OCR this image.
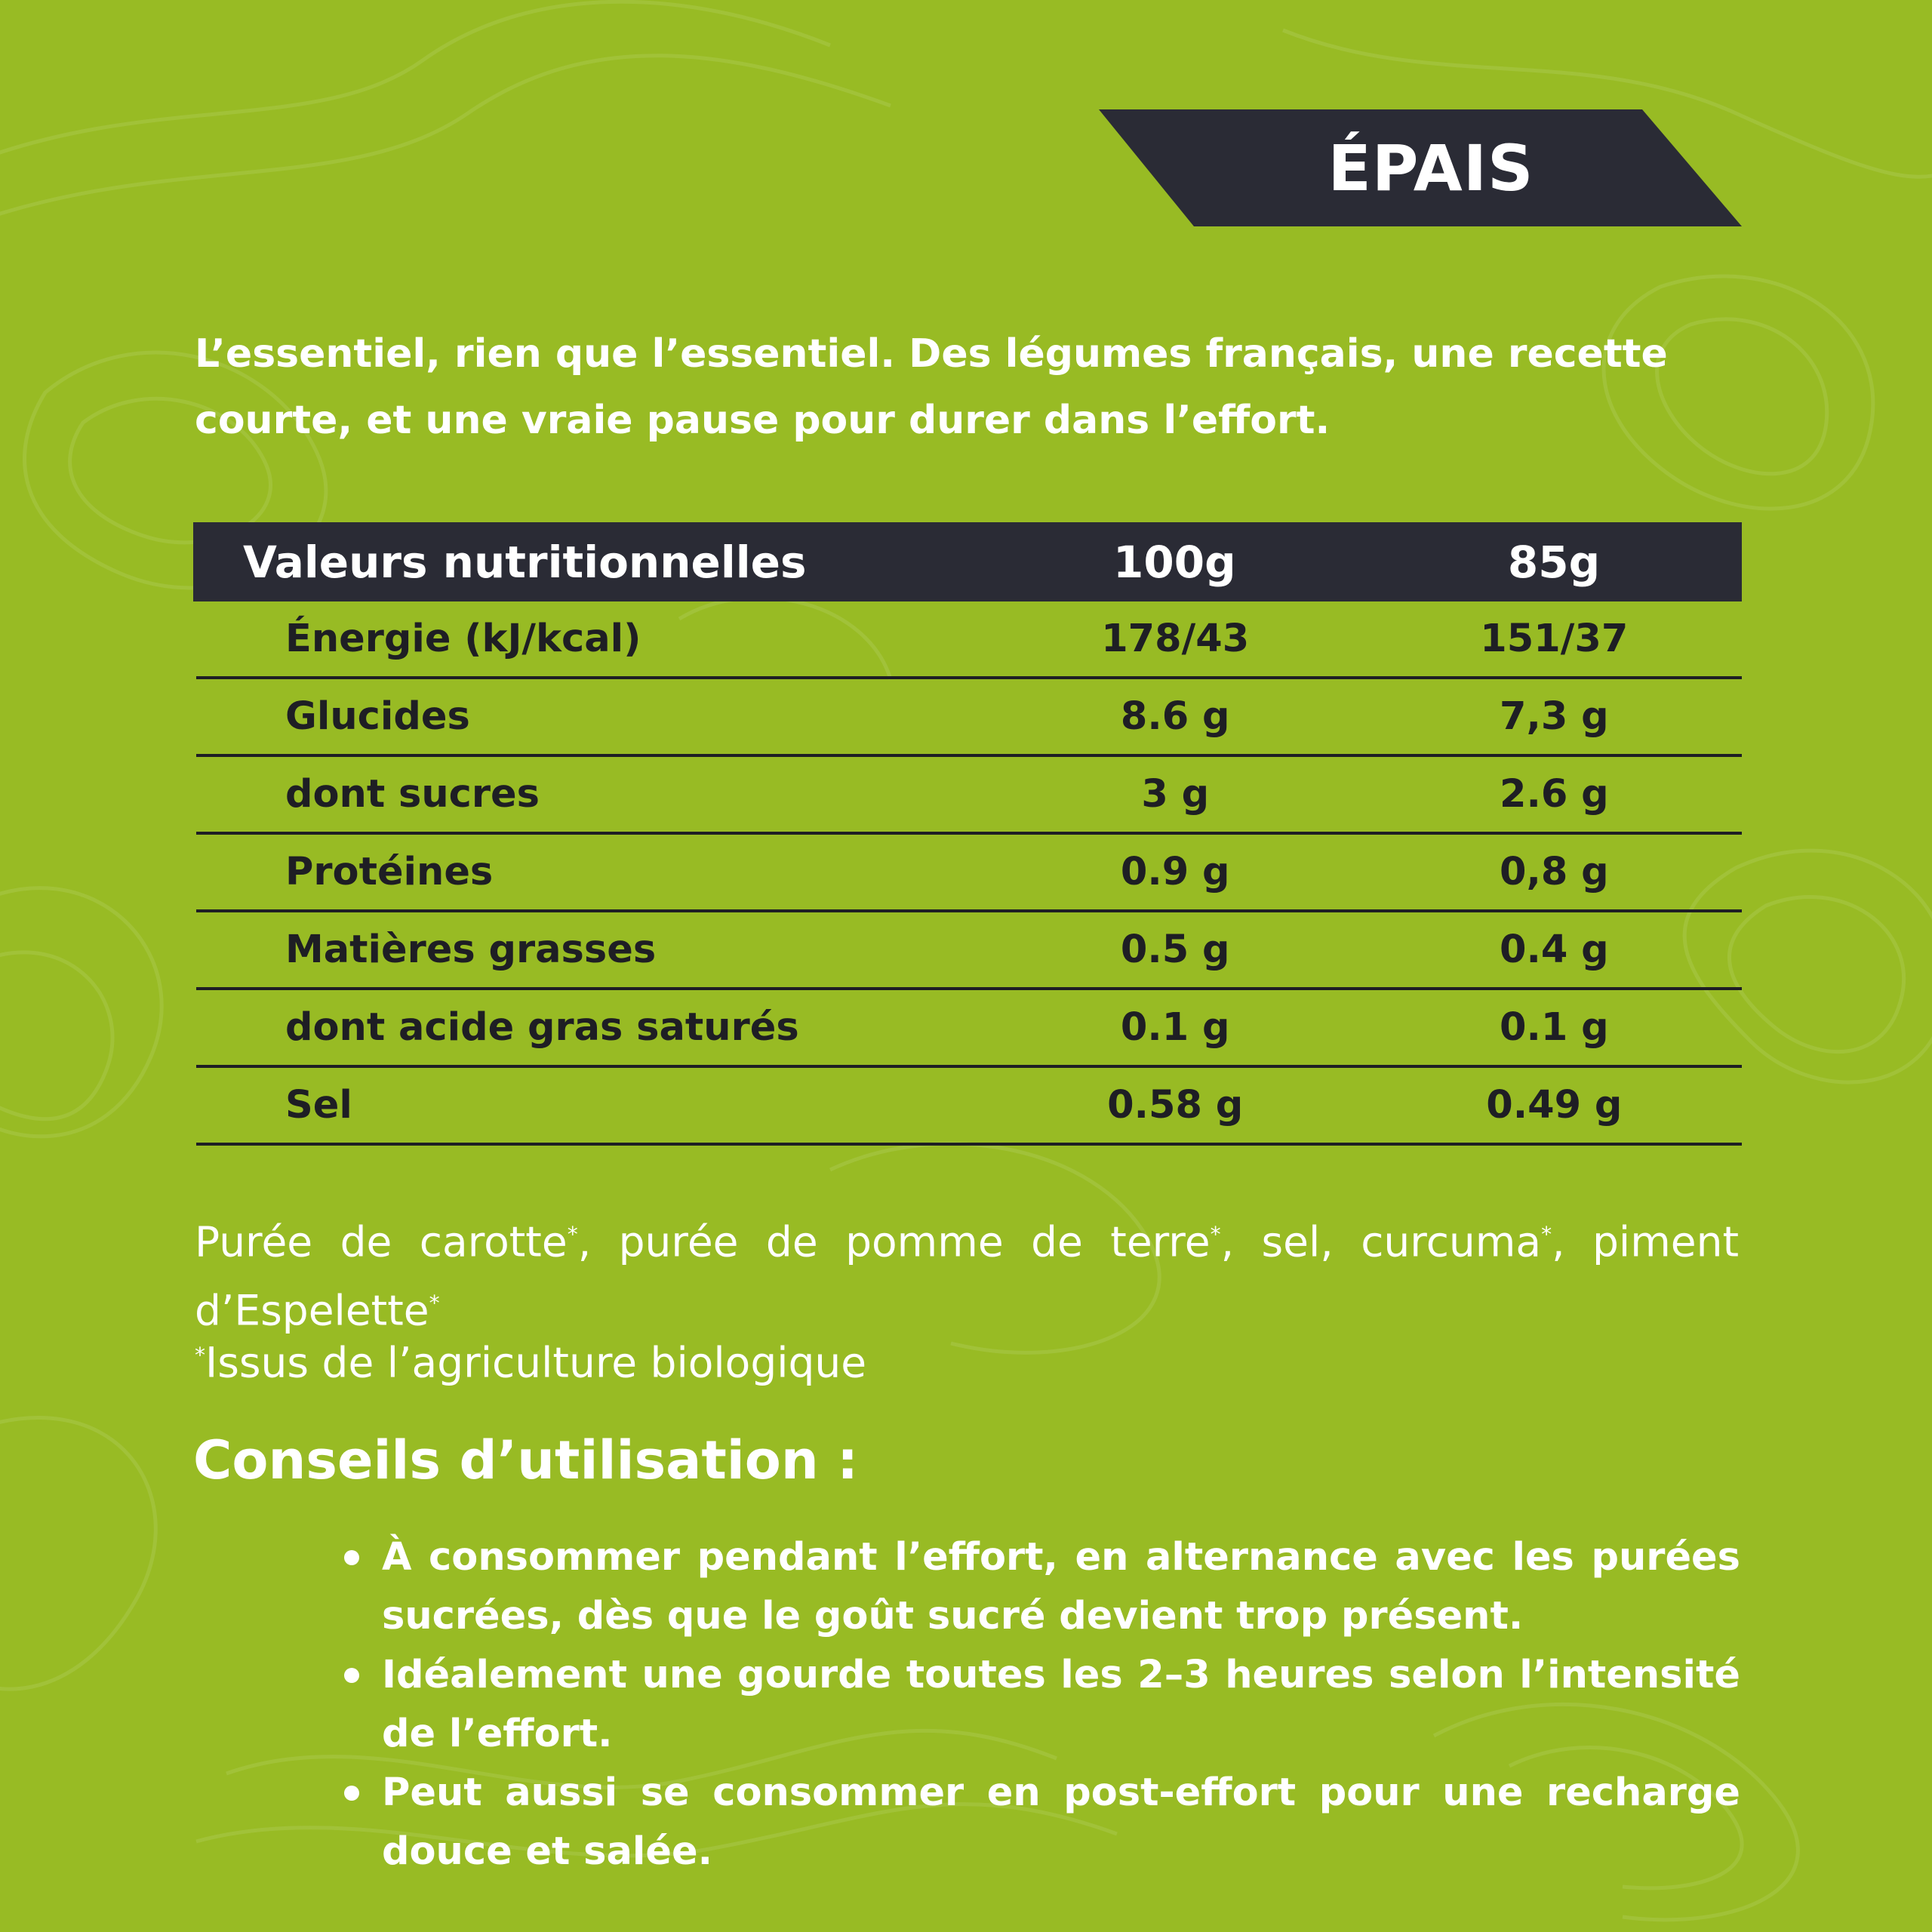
ÉPAIS
L’essentiel, rien que l’essentiel. Des légumes français, une recette courte, et une vraie pause pour durer dans l’effort.
Valeurs nutritionnelles	100g	85g
Énergie (kJ/kcal)	178/43	151/37
Glucides	8.6 g	7,3 g
dont sucres	3 g	2.6 g
Protéines	0.9 g	0,8 g
Matières grasses	0.5 g	0.4 g
dont acide gras saturés	0.1 g	0.1 g
Sel	0.58 g	0.49 g
Purée de carotte*, purée de pomme de terre*, sel, curcuma*, piment d’Espelette*
*Issus de l’agriculture biologique
Conseils d’utilisation :
À consommer pendant l’effort, en alternance avec les purées sucrées, dès que le goût sucré devient trop présent.
Idéalement une gourde toutes les 2–3 heures selon l’intensité de l’effort.
Peut aussi se consommer en post-effort pour une recharge douce et salée.
